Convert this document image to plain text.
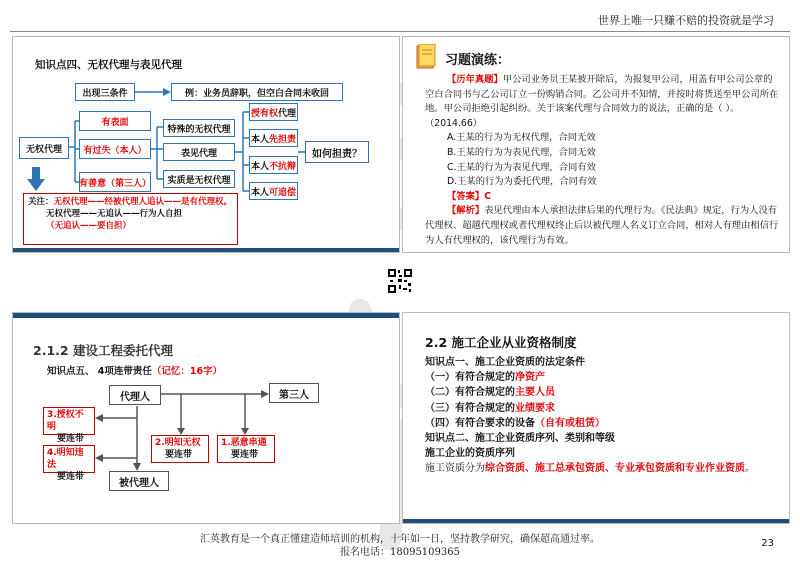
世界上唯一只赚不赔的投资就是学习
知识点四、无权代理与表见代理
出现三条件	例：业务员辞职，但空白合同未收回
无权代理
有表面
有过失（本人）
有善意（第三人）
特殊的无权代理
表见代理
实质是无权代理
授有权 代理
本人 先担责
本人 不抗辩
本人 可追偿
如何担责？
关注：无权代理——经被代理人追认——是有代理权。
无权代理——无追认——行为人自担
（无追认——要自担）
习题演练：

【历年真题】甲公司业务员王某被开除后，为报复甲公司，用盖有甲公司公章的空白合同书与乙公司订立一份购销合同。乙公司并不知情，并按时将货送至甲公司所在地。甲公司拒绝引起纠纷。关于该案代理与合同效力的说法，正确的是（ ）。（2014.66）

A.王某的行为为无权代理，合同无效

B.王某的行为为表见代理，合同无效

C.王某的行为为表见代理，合同有效

D.王某的行为为委托代理，合同有效

【答案】C

【解析】表见代理由本人承担法律后果的代理行为。《民法典》规定，行为人没有代理权、超越代理权或者代理权终止后以被代理人名义订立合同，相对人有理由相信行为人有代理权的，该代理行为有效。

2.1.2 建设工程委托代理
知识点五、 4项连带责任（记忆：16字）
代理人	第三人
被代理人
3.授权不明
要连带
4.明知违法
要连带
2.明知无权
要连带
1.恶意串通
要连带
2.2 施工企业从业资格制度
知识点一、施工企业资质的法定条件
（一）有符合规定的净资产
（二）有符合规定的主要人员
（三）有符合规定的业绩要求
（四）有符合要求的设备（自有或租赁）
知识点二、施工企业资质序列、类别和等级
施工企业的资质序列
施工资质分为综合资质、施工总承包资质、专业承包资质和专业作业资质。
汇英教育是一个真正懂建造师培训的机构，十年如一日，坚持教学研究，确保超高通过率。
报名电话：18095109365
23
